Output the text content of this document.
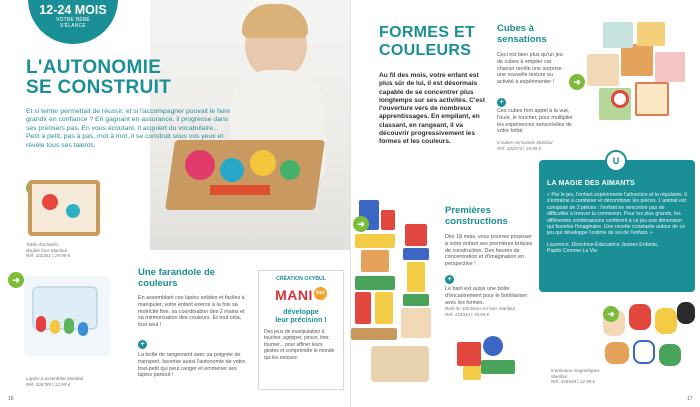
12-24 MOIS
VOTRE BÉBÉ
S'ÉLANCE
L'AUTONOMIE
SE CONSTRUIT
Et si tenter permettait de réussir, et si l'accompagner pouvait le faire grandir en confiance ? En gagnant en assurance, il progresse dans ses premiers pas. En vous écoutant, il acquiert du vocabulaire... Petit à petit, pas à pas, mot à mot, il se construit sous vos yeux et révèle tous ses talents.
Table d'activités
double face Manibul
Réf. 332261 | 29,99 €
➜
Lapins à assembler Manibul
Réf. 326789 | 12,99 €
Une farandole de
couleurs
En assemblant ces lapins solides et faciles à manipuler, votre enfant exerce à la fois sa motricité fine, sa coordination des 2 mains et sa mémorisation des couleurs. Et tout cela, tout seul !
+
La boîte de rangement avec sa poignée de transport, favorise aussi l'autonomie de votre tout-petit qui peut ranger et emmener ses lapins partout !
CRÉATION OXYBUL
MANI bul
développe
leur précision !
Des jeux de manipulation à toucher, agripper, pincer, tirer, tourner... pour affiner leurs gestes et comprendre le monde qui les entoure.
16
FORMES ET
COULEURS
Au fil des mois, votre enfant est plus sûr de lui, il est désormais capable de se concentrer plus longtemps sur ses activités. C'est l'ouverture vers de nombreux apprentissages. En empilant, en classant, en rangeant, il va découvrir progressivement les formes et les couleurs.
Cubes à
sensations
Ceci est bien plus qu'un jeu de cubes à empiler car chacun recèle une surprise : une nouvelle texture ou activité à expérimenter !
+
Ces cubes font appel à la vue, l'ouïe, le toucher, pour multiplier les expériences sensorielles de votre bébé.
8 cubes sensoriels Manibul
Réf. 332073 | 19,99 €
➜
∪
LA MAGIE DES AIMANTS
« Par le jeu, l'enfant expérimente l'attraction et la répulsion. Il s'entraîne à combiner et décombiner les pièces. L'animal est composé de 2 pièces : l'enfant ne rencontre pas de difficultés à trouver la connexion. Pour les plus grands, les différentes combinaisons confèrent à ce jeu une dimension qui favorise l'imaginaire. Une recette constante autour de ce jeu qui développe l'estime de soi de l'enfant. »
Laurence, Directrice-Éducatrice Jeunes Enfants,
Papilo Comme La Vie
➜
Premières
constructions
Dès 18 mois, vous pourrez proposer à votre enfant ses premières briques de construction. Des heures de concentration et d'imagination en perspective !
+
Le baril est aussi une boîte d'encastrement pour le familiariser avec les formes.
Baril de 100 blocs en bois Manibul
Réf. 334343 | 19,99 €	➜
8 animaux magnétiques
Manibul
Réf. 334548 | 12,99 €
17
